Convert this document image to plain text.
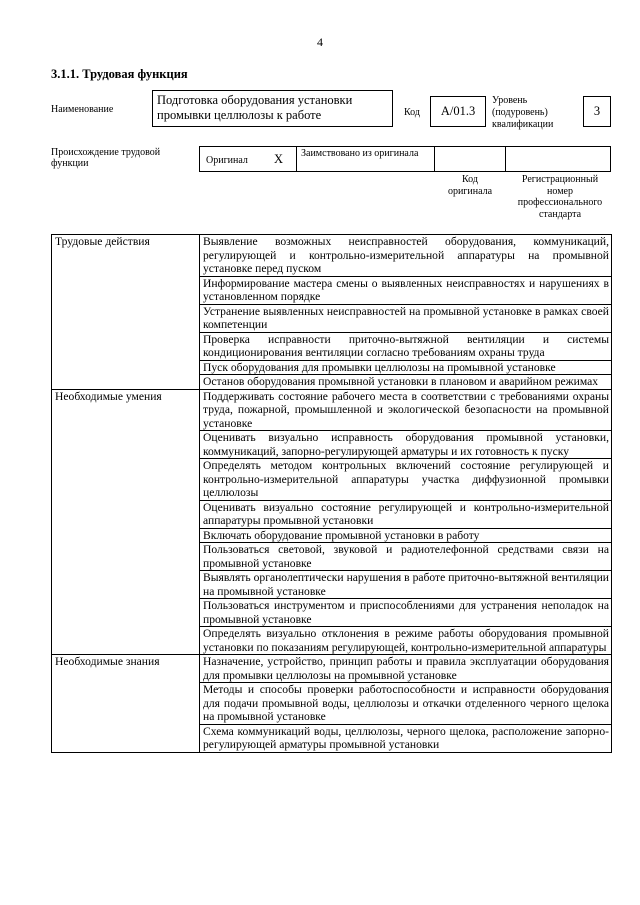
4
3.1.1. Трудовая функция
Наименование
Подготовка оборудования установки промывки целлюлозы к работе	Код	A/01.3
Уровень (подуровень) квалификации
3
Происхождение трудовой функции	Оригинал X Заимствовано из оригинала
Код оригинала
Регистрационный номер профессионального стандарта
Трудовые действия	Выявление возможных неисправностей оборудования, коммуникаций, регулирующей и контрольно-измерительной аппаратуры на промывной установке перед пуском
	Информирование мастера смены о выявленных неисправностях и нарушениях в установленном порядке
	Устранение выявленных неисправностей на промывной установке в рамках своей компетенции
	Проверка исправности приточно-вытяжной вентиляции и системы кондиционирования вентиляции согласно требованиям охраны труда
	Пуск оборудования для промывки целлюлозы на промывной установке
	Останов оборудования промывной установки в плановом и аварийном режимах
Необходимые умения	Поддерживать состояние рабочего места в соответствии с требованиями охраны труда, пожарной, промышленной и экологической безопасности на промывной установке
	Оценивать визуально исправность оборудования промывной установки, коммуникаций, запорно-регулирующей арматуры и их готовность к пуску
	Определять методом контрольных включений состояние регулирующей и контрольно-измерительной аппаратуры участка диффузионной промывки целлюлозы
	Оценивать визуально состояние регулирующей и контрольно-измерительной аппаратуры промывной установки
	Включать оборудование промывной установки в работу
	Пользоваться световой, звуковой и радиотелефонной средствами связи на промывной установке
	Выявлять органолептически нарушения в работе приточно-вытяжной вентиляции на промывной установке
	Пользоваться инструментом и приспособлениями для устранения неполадок на промывной установке
	Определять визуально отклонения в режиме работы оборудования промывной установки по показаниям регулирующей, контрольно-измерительной аппаратуры
Необходимые знания	Назначение, устройство, принцип работы и правила эксплуатации оборудования для промывки целлюлозы на промывной установке
	Методы и способы проверки работоспособности и исправности оборудования для подачи промывной воды, целлюлозы и откачки отделенного черного щелока на промывной установке
	Схема коммуникаций воды, целлюлозы, черного щелока, расположение запорно-регулирующей арматуры промывной установки
